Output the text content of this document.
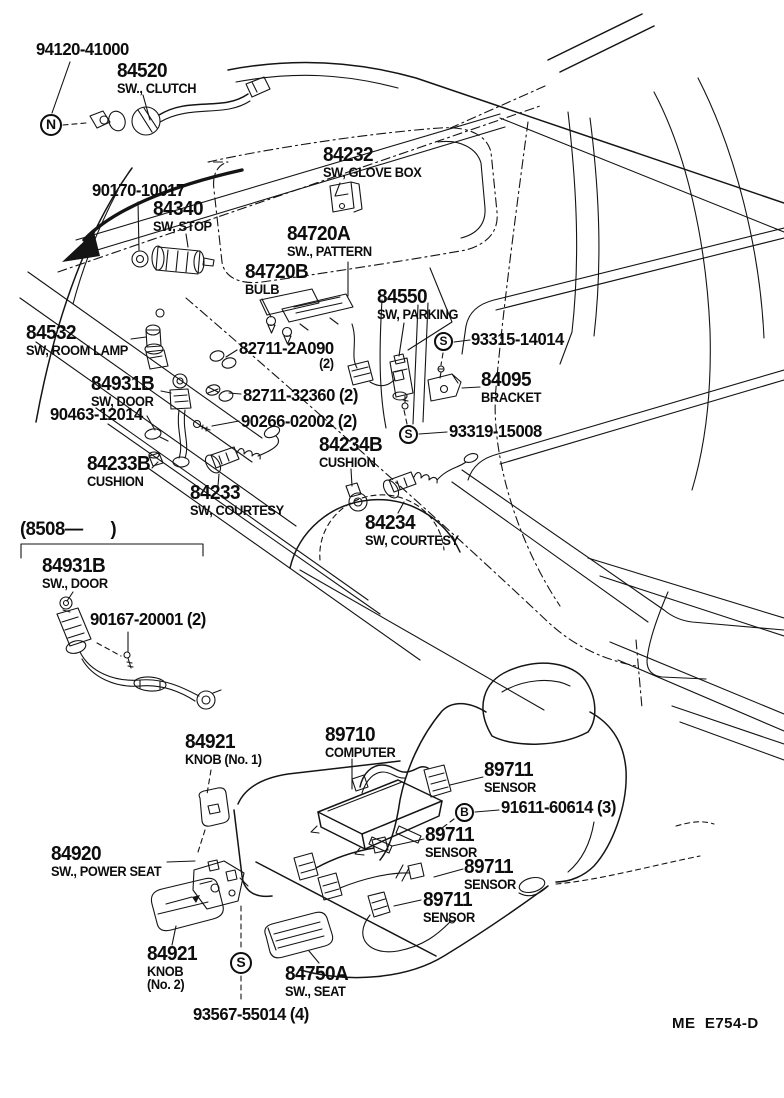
N
S
S
B
S
94120-41000
84520
SW., CLUTCH
90170-10017
84340
SW, STOP
84232
SW, GLOVE BOX
84720A
SW., PATTERN
84720B
BULB	84550
SW, PARKING
93315-14014
84532
SW, ROOM LAMP	82711-2A090
(2)
84095
BRACKET
84931B
SW, DOOR	82711-32360 (2)
90463-12014	90266-02002 (2)	93319-15008
84233B
CUSHION
84234B
CUSHION
84233
SW, COURTESY
84234
SW, COURTESY
(8508—      )
84931B
SW., DOOR
90167-20001 (2)
84921
KNOB (No. 1)
89710
COMPUTER
89711
SENSOR
91611-60614 (3)
89711
SENSOR
89711
SENSOR
89711
SENSOR
84920
SW., POWER SEAT
84921
KNOB
(No. 2)	84750A
SW., SEAT
93567-55014 (4)	ME  E754-D
